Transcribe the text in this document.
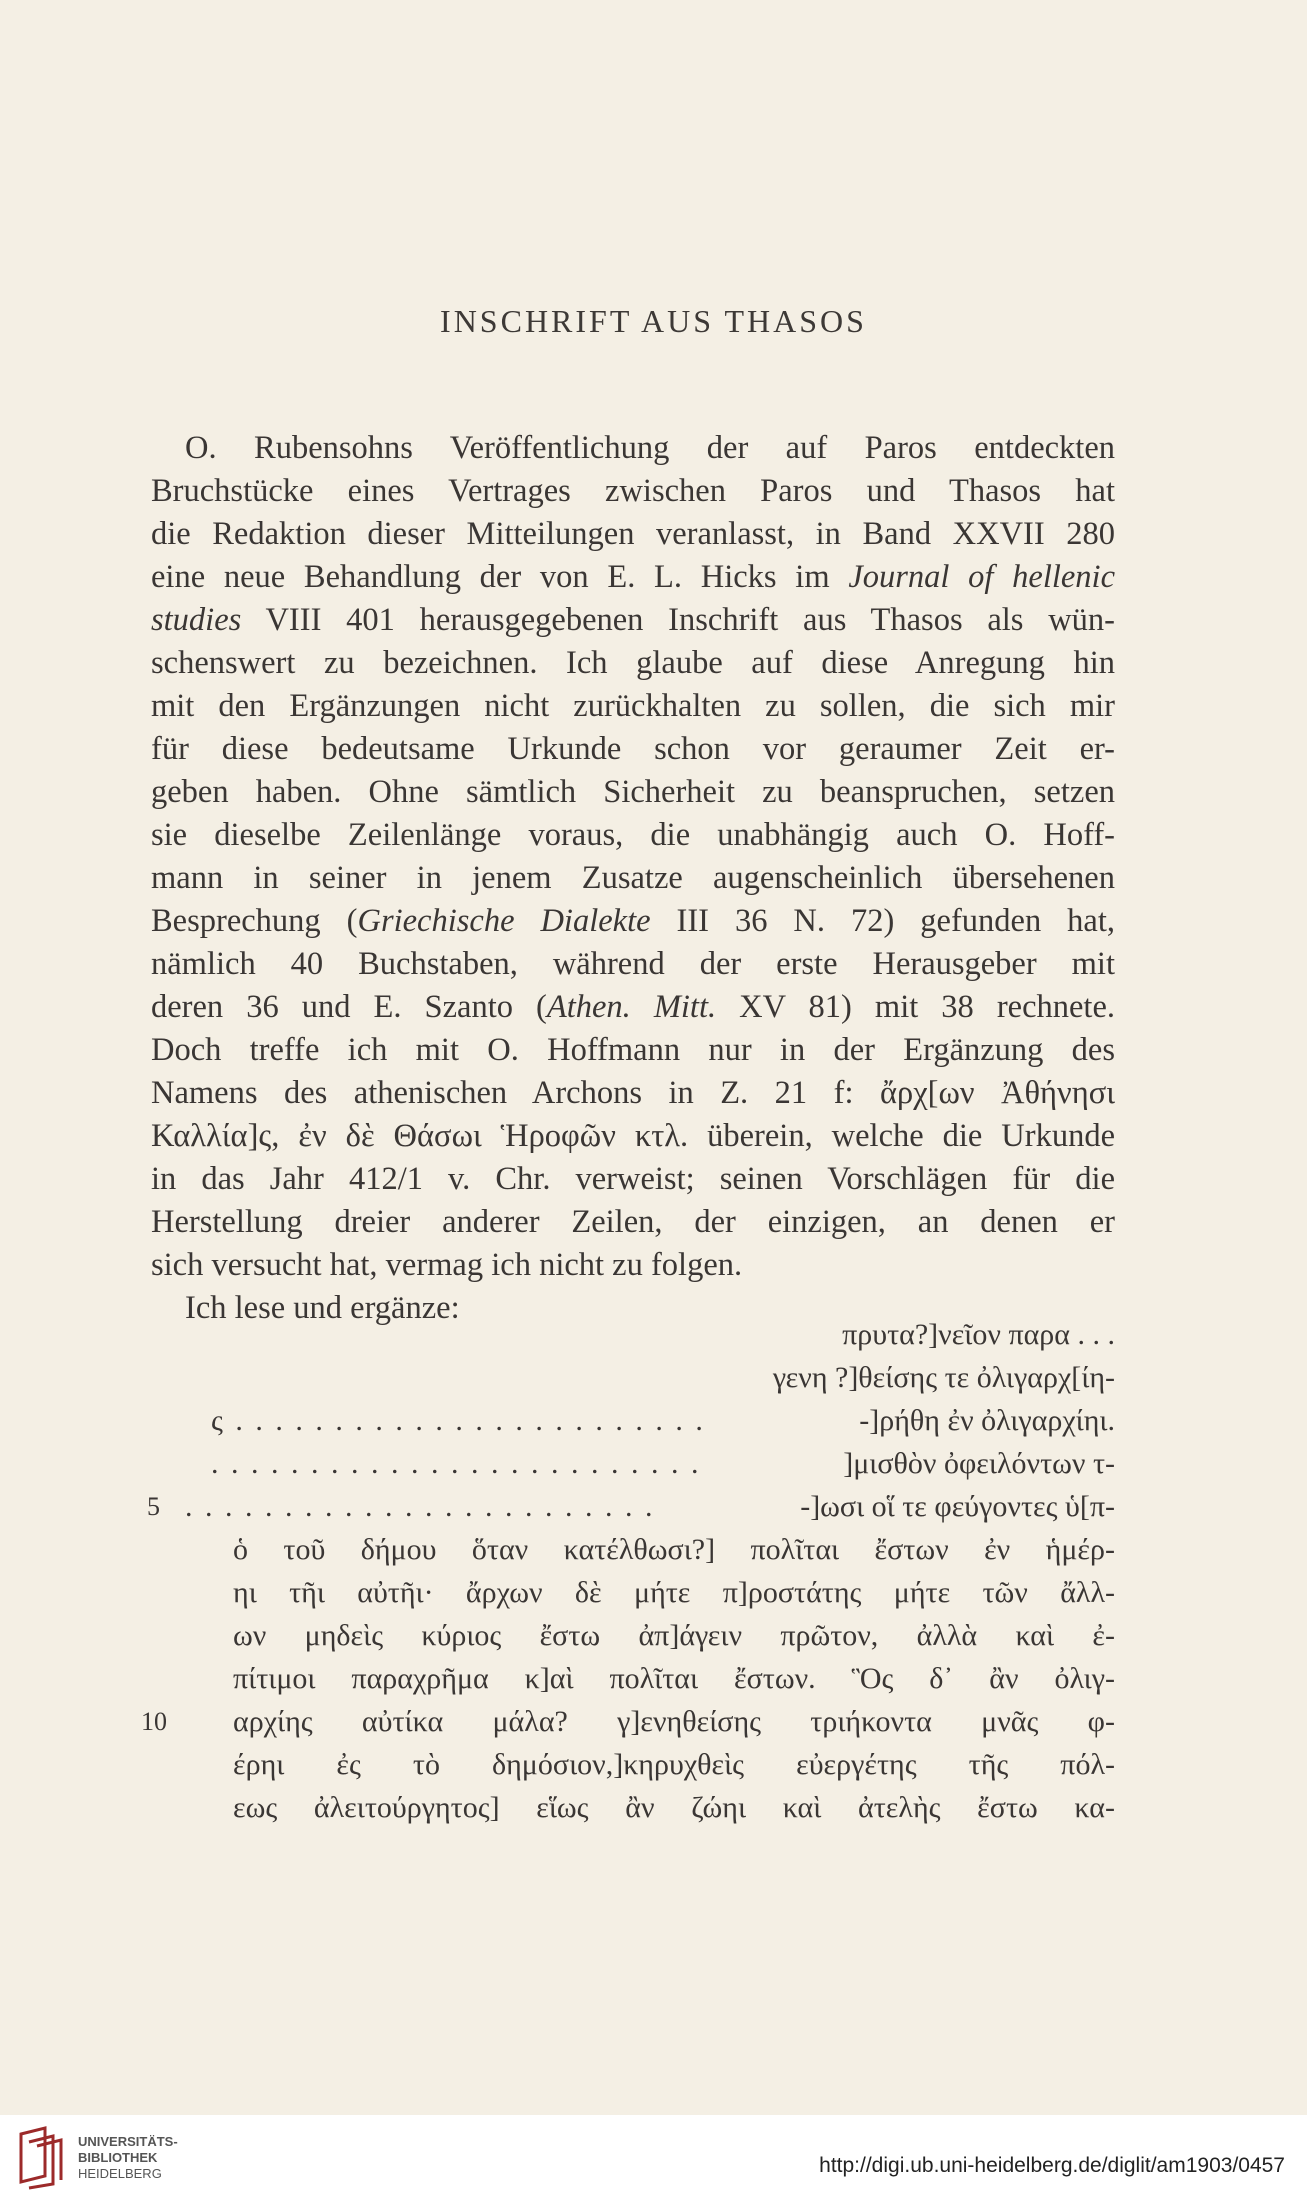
INSCHRIFT AUS THASOS
O. Rubensohns Veröffentlichung der auf Paros entdeckten
Bruchstücke eines Vertrages zwischen Paros und Thasos hat
die Redaktion dieser Mitteilungen veranlasst, in Band XXVII 280
eine neue Behandlung der von E. L. Hicks im Journal of hellenic
studies VIII 401 herausgegebenen Inschrift aus Thasos als wün-
schenswert zu bezeichnen. Ich glaube auf diese Anregung hin
mit den Ergänzungen nicht zurückhalten zu sollen, die sich mir
für diese bedeutsame Urkunde schon vor geraumer Zeit er-
geben haben. Ohne sämtlich Sicherheit zu beanspruchen, setzen
sie dieselbe Zeilenlänge voraus, die unabhängig auch O. Hoff-
mann in seiner in jenem Zusatze augenscheinlich übersehenen
Besprechung (Griechische Dialekte III 36 N. 72) gefunden hat,
nämlich 40 Buchstaben, während der erste Herausgeber mit
deren 36 und E. Szanto (Athen. Mitt. XV 81) mit 38 rechnete.
Doch treffe ich mit O. Hoffmann nur in der Ergänzung des
Namens des athenischen Archons in Z. 21 f: ἄρχ[ων Ἀθήνησι
Καλλία]ς, ἐν δὲ Θάσωι Ἡροφῶν κτλ. überein, welche die Urkunde
in das Jahr 412/1 v. Chr. verweist; seinen Vorschlägen für die
Herstellung dreier anderer Zeilen, der einzigen, an denen er
sich versucht hat, vermag ich nicht zu folgen.
Ich lese und ergänze:
πρυτα?]νεῖον παρα . . .
γενη ?]θείσης τε ὀλιγαρχ[ίη-
ς . . . . . . . . . . . . . . . . . . . . . . . .	-]ρήθη ἐν ὀλιγαρχίηι.
. . . . . . . . . . . . . . . . . . . . . . . . .	]μισθὸν ὀφειλόντων τ-
5 . . . . . . . . . . . . . . . . . . . . . . . .	-]ωσι οἵ τε φεύγοντες ὑ[π-
ὁ τοῦ δήμου ὅταν κατέλθωσι?] πολῖται ἔστων ἐν ἡμέρ-
ηι τῆι αὐτῆι· ἄρχων δὲ μήτε π]ροστάτης μήτε τῶν ἄλλ-
ων μηδεὶς κύριος ἔστω ἀπ]άγειν πρῶτον, ἀλλὰ καὶ ἐ-
πίτιμοι παραχρῆμα κ]αὶ πολῖται ἔστων. Ὃς δ᾽ ἂν ὀλιγ-
10 αρχίης αὐτίκα μάλα? γ]ενηθείσης τριήκοντα μνᾶς φ-
έρηι ἐς τὸ δημόσιον,]κηρυχθεὶς εὐεργέτης τῆς πόλ-
εως ἀλειτούργητος] εἵως ἂν ζώηι καὶ ἀτελὴς ἔστω κα-
UNIVERSITÄTS-
BIBLIOTHEK
HEIDELBERG	http://digi.ub.uni-heidelberg.de/diglit/am1903/0457
